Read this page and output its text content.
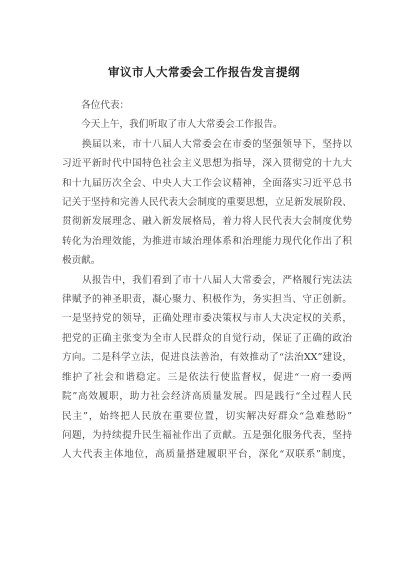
审议市人大常委会工作报告发言提纲
　　各位代表：
　　今天上午，我们听取了市人大常委会工作报告。
　　换届以来，市十八届人大常委会在市委的坚强领导下，坚持以
习近平新时代中国特色社会主义思想为指导，深入贯彻党的十九大
和十九届历次全会、中央人大工作会议精神，全面落实习近平总书
记关于坚持和完善人民代表大会制度的重要思想，立足新发展阶段、
贯彻新发展理念、融入新发展格局，着力将人民代表大会制度优势
转化为治理效能，为推进市域治理体系和治理能力现代化作出了积
极贡献。
　　从报告中，我们看到了市十八届人大常委会，严格履行宪法法
律赋予的神圣职责，凝心聚力、积极作为，务实担当、守正创新。
一是坚持党的领导，正确处理市委决策权与市人大决定权的关系，
把党的正确主张变为全市人民群众的自觉行动，保证了正确的政治
方向。二是科学立法，促进良法善治，有效推动了“法治XX”建设，
维护了社会和谐稳定。三是依法行使监督权，促进“一府一委两
院”高效履职，助力社会经济高质量发展。四是践行“全过程人民
民主”，始终把人民放在重要位置，切实解决好群众“急难愁盼”
问题，为持续提升民生福祉作出了贡献。五是强化服务代表，坚持
人大代表主体地位，高质量搭建履职平台，深化“双联系”制度，
